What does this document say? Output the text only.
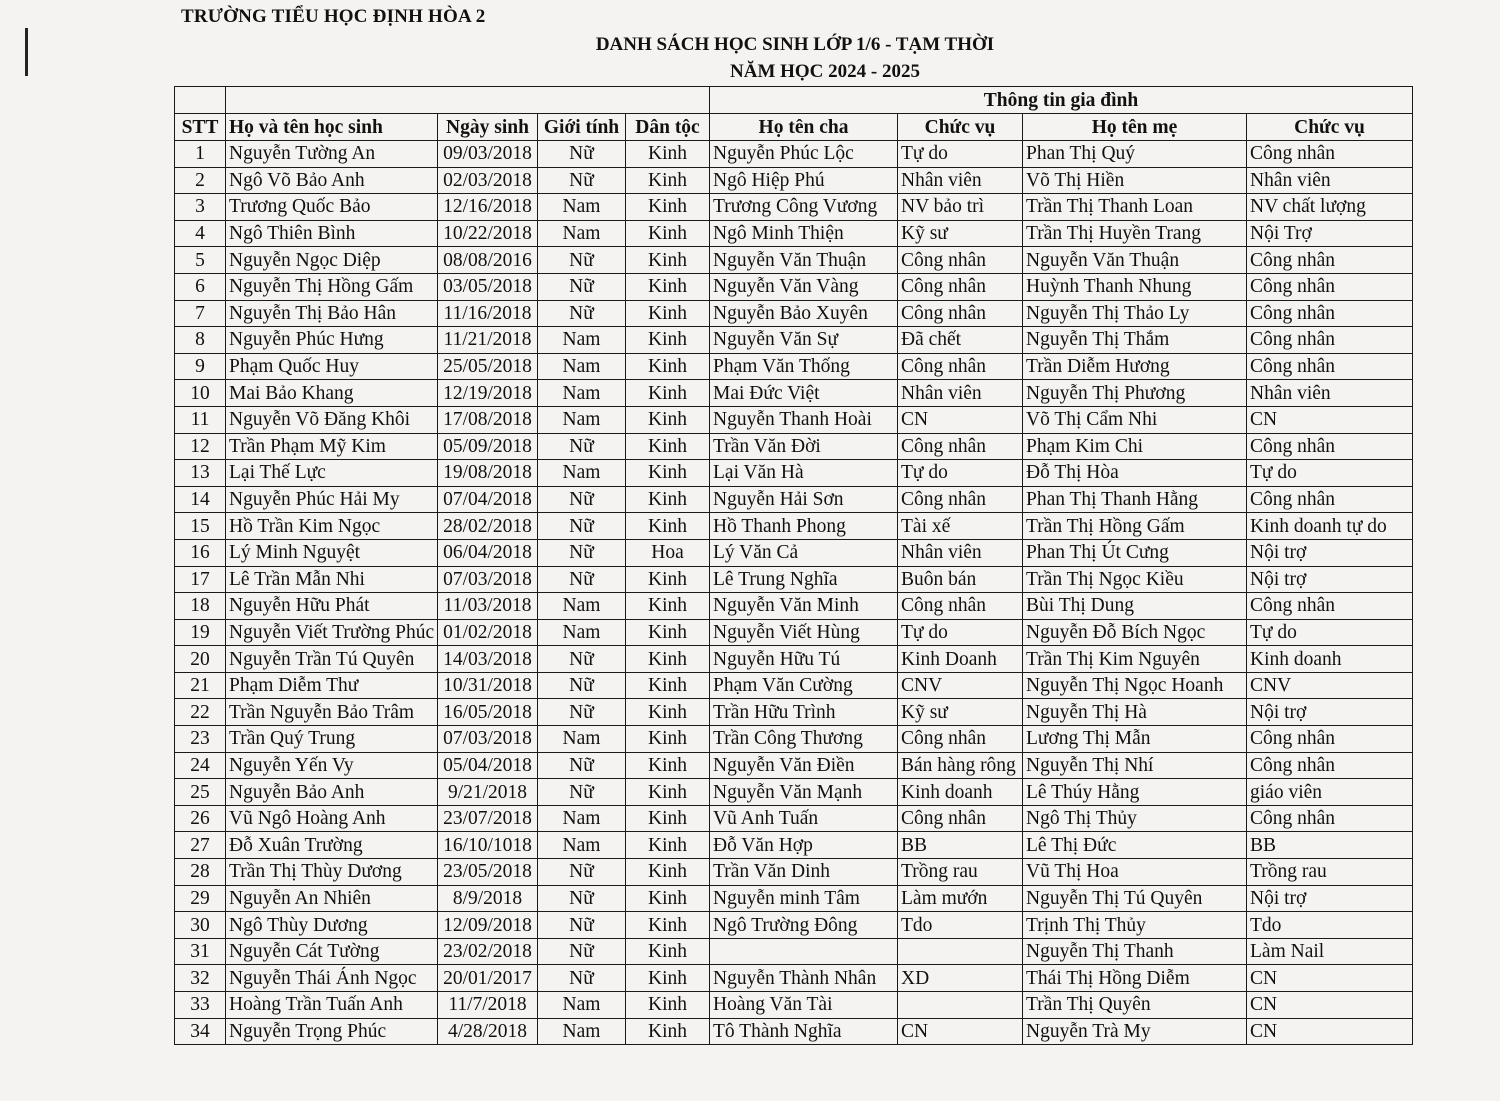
TRƯỜNG TIỂU HỌC ĐỊNH HÒA 2
DANH SÁCH HỌC SINH LỚP 1/6 - TẠM THỜI
NĂM HỌC 2024 - 2025
					Thông tin gia đình			
STT	Họ và tên học sinh	Ngày sinh	Giới tính	Dân tộc	Họ tên cha	Chức vụ	Họ tên mẹ	Chức vụ
1	Nguyễn Tường An	09/03/2018	Nữ	Kinh	Nguyễn Phúc Lộc	Tự do	Phan Thị Quý	Công nhân
2	Ngô Võ Bảo Anh	02/03/2018	Nữ	Kinh	Ngô Hiệp Phú	Nhân viên	Võ Thị Hiền	Nhân viên
3	Trương Quốc Bảo	12/16/2018	Nam	Kinh	Trương Công Vương	NV bảo trì	Trần Thị Thanh Loan	NV chất lượng
4	Ngô Thiên Bình	10/22/2018	Nam	Kinh	Ngô Minh Thiện	Kỹ sư	Trần Thị Huyền Trang	Nội Trợ
5	Nguyễn Ngọc Diệp	08/08/2016	Nữ	Kinh	Nguyễn Văn Thuận	Công nhân	Nguyễn Văn Thuận	Công nhân
6	Nguyễn Thị Hồng Gấm	03/05/2018	Nữ	Kinh	Nguyễn Văn Vàng	Công nhân	Huỳnh Thanh Nhung	Công nhân
7	Nguyễn Thị Bảo Hân	11/16/2018	Nữ	Kinh	Nguyễn Bảo Xuyên	Công nhân	Nguyễn Thị Thảo Ly	Công nhân
8	Nguyễn Phúc Hưng	11/21/2018	Nam	Kinh	Nguyễn Văn Sự	Đã chết	Nguyễn Thị Thắm	Công nhân
9	Phạm Quốc Huy	25/05/2018	Nam	Kinh	Phạm Văn Thống	Công nhân	Trần Diễm Hương	Công nhân
10	Mai Bảo Khang	12/19/2018	Nam	Kinh	Mai Đức Việt	Nhân viên	Nguyễn Thị Phương	Nhân viên
11	Nguyễn Võ Đăng Khôi	17/08/2018	Nam	Kinh	Nguyễn Thanh Hoài	CN	Võ Thị Cẩm Nhi	CN
12	Trần Phạm Mỹ Kim	05/09/2018	Nữ	Kinh	Trần Văn Đời	Công nhân	Phạm Kim Chi	Công nhân
13	Lại Thế Lực	19/08/2018	Nam	Kinh	Lại Văn Hà	Tự do	Đỗ Thị Hòa	Tự do
14	Nguyễn Phúc Hải My	07/04/2018	Nữ	Kinh	Nguyễn Hải Sơn	Công nhân	Phan Thị Thanh Hằng	Công nhân
15	Hồ Trần Kim Ngọc	28/02/2018	Nữ	Kinh	Hồ Thanh Phong	Tài xế	Trần Thị Hồng Gấm	Kinh doanh tự do
16	Lý Minh Nguyệt	06/04/2018	Nữ	Hoa	Lý Văn Cả	Nhân viên	Phan Thị Út Cưng	Nội trợ
17	Lê Trần Mẫn Nhi	07/03/2018	Nữ	Kinh	Lê Trung Nghĩa	Buôn bán	Trần Thị Ngọc Kiều	Nội trợ
18	Nguyễn Hữu Phát	11/03/2018	Nam	Kinh	Nguyễn Văn Minh	Công nhân	Bùi Thị Dung	Công nhân
19	Nguyễn Viết Trường Phúc	01/02/2018	Nam	Kinh	Nguyễn Viết Hùng	Tự do	Nguyễn Đỗ Bích Ngọc	Tự do
20	Nguyễn Trần Tú Quyên	14/03/2018	Nữ	Kinh	Nguyễn Hữu Tú	Kinh Doanh	Trần Thị Kim Nguyên	Kinh doanh
21	Phạm Diễm Thư	10/31/2018	Nữ	Kinh	Phạm Văn Cường	CNV	Nguyễn Thị Ngọc Hoanh	CNV
22	Trần Nguyễn Bảo Trâm	16/05/2018	Nữ	Kinh	Trần Hữu Trình	Kỹ sư	Nguyễn Thị Hà	Nội trợ
23	Trần Quý Trung	07/03/2018	Nam	Kinh	Trần Công Thương	Công nhân	Lương Thị Mẫn	Công nhân
24	Nguyễn Yến Vy	05/04/2018	Nữ	Kinh	Nguyễn Văn Điền	Bán hàng rông	Nguyễn Thị Nhí	Công nhân
25	Nguyễn Bảo Anh	9/21/2018	Nữ	Kinh	Nguyễn Văn Mạnh	Kinh doanh	Lê Thúy Hằng	giáo viên
26	Vũ Ngô Hoàng Anh	23/07/2018	Nam	Kinh	Vũ Anh Tuấn	Công nhân	Ngô Thị Thủy	Công nhân
27	Đỗ Xuân Trường	16/10/1018	Nam	Kinh	Đỗ Văn Hợp	BB	Lê Thị Đức	BB
28	Trần Thị Thùy Dương	23/05/2018	Nữ	Kinh	Trần Văn Dinh	Trồng rau	Vũ Thị Hoa	Trồng rau
29	Nguyễn An Nhiên	8/9/2018	Nữ	Kinh	Nguyễn minh Tâm	Làm mướn	Nguyễn Thị Tú Quyên	Nội trợ
30	Ngô Thùy Dương	12/09/2018	Nữ	Kinh	Ngô Trường Đông	Tdo	Trịnh Thị Thủy	Tdo
31	Nguyễn Cát Tường	23/02/2018	Nữ	Kinh			Nguyễn Thị Thanh	Làm Nail
32	Nguyễn Thái Ánh Ngọc	20/01/2017	Nữ	Kinh	Nguyễn Thành Nhân	XD	Thái Thị Hồng Diễm	CN
33	Hoàng Trần Tuấn Anh	11/7/2018	Nam	Kinh	Hoàng Văn Tài		Trần Thị Quyên	CN
34	Nguyễn Trọng Phúc	4/28/2018	Nam	Kinh	Tô Thành Nghĩa	CN	Nguyễn Trà My	CN
